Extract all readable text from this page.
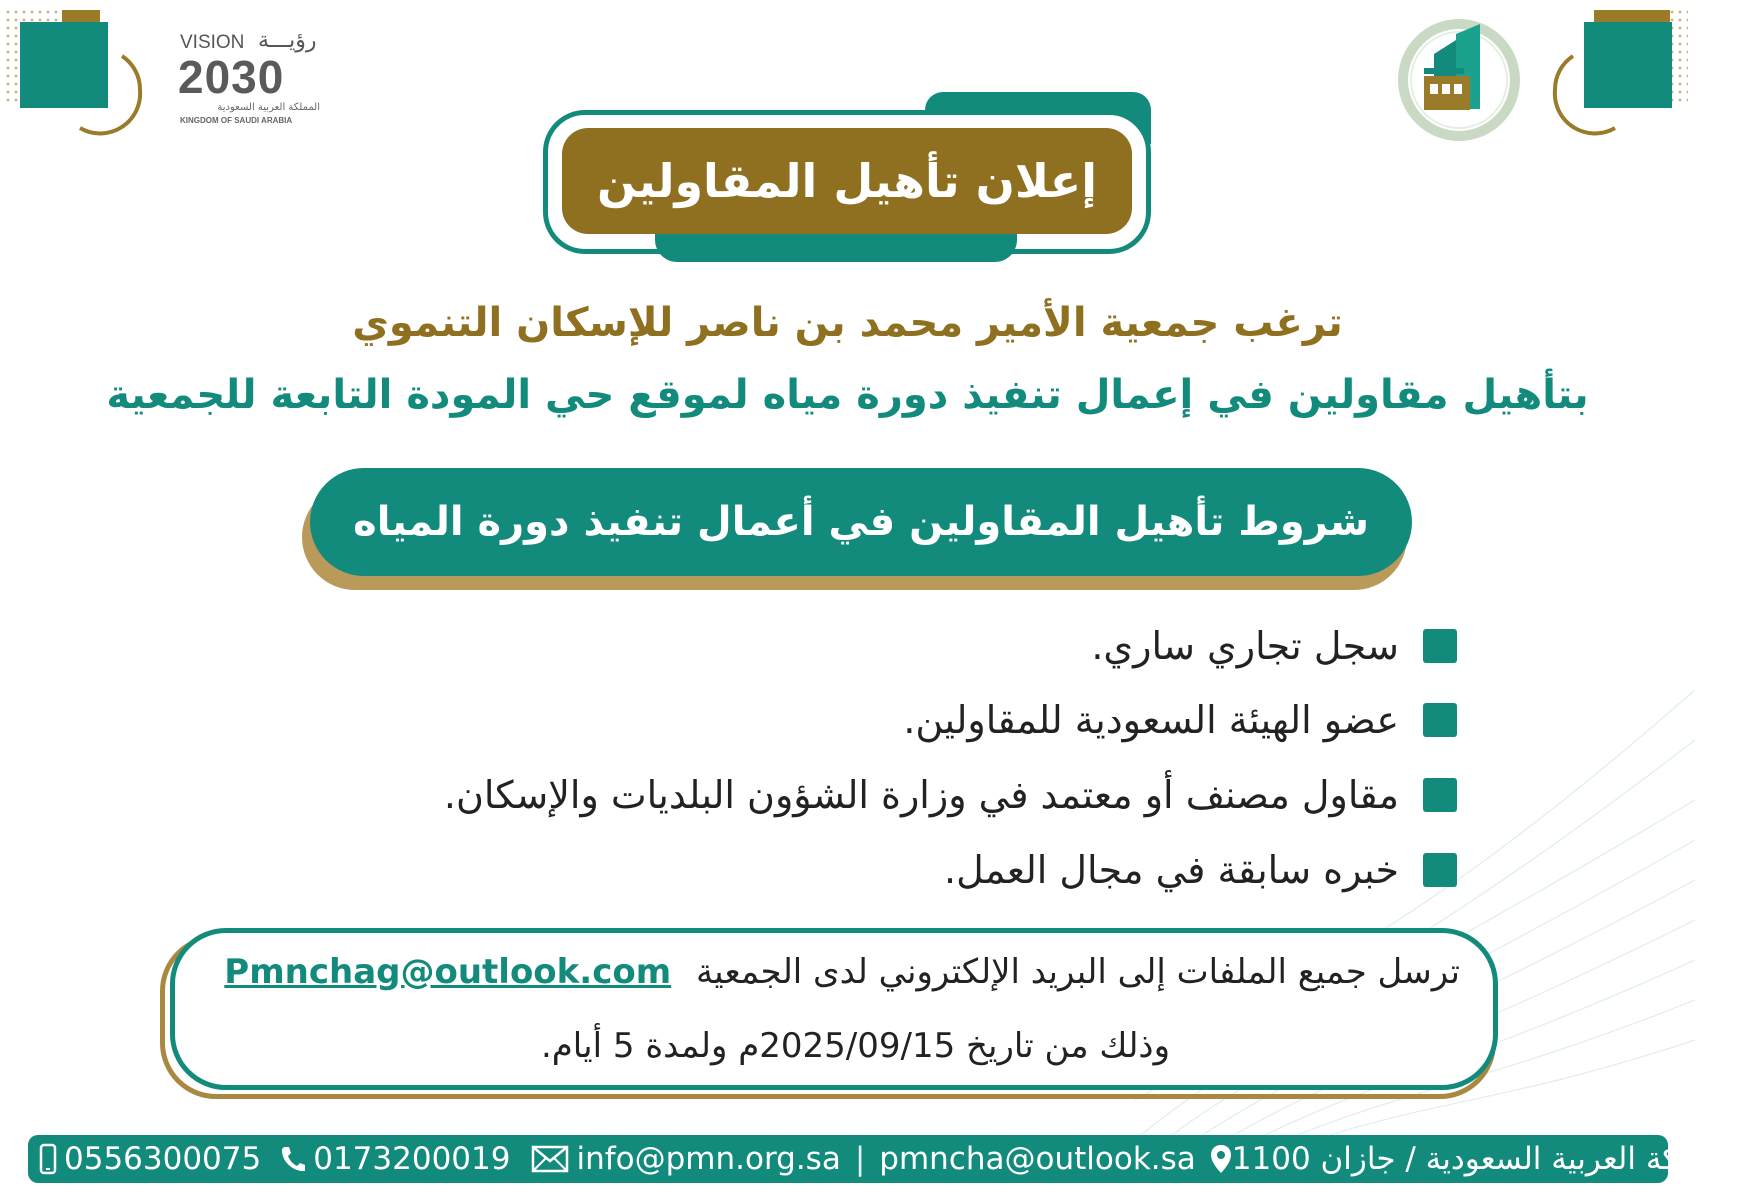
VISION رؤيـــة
2030
المملكة العربية السعودية
KINGDOM OF SAUDI ARABIA
إعلان تأهيل المقاولين
ترغب جمعية الأمير محمد بن ناصر للإسكان التنموي
بتأهيل مقاولين في إعمال تنفيذ دورة مياه لموقع حي المودة التابعة للجمعية
شروط تأهيل المقاولين في أعمال تنفيذ دورة المياه
سجل تجاري ساري.
عضو الهيئة السعودية للمقاولين.
مقاول مصنف أو معتمد في وزارة الشؤون البلديات والإسكان.
خبره سابقة في مجال العمل.
ترسل جميع الملفات إلى البريد الإلكتروني لدى الجمعية Pmnchag@outlook.com
وذلك من تاريخ 2025/09/15م ولمدة 5 أيام.
0556300075 0173200019 info@pmn.org.sa | pmncha@outlook.sa المملكة العربية السعودية / جازان 1100
